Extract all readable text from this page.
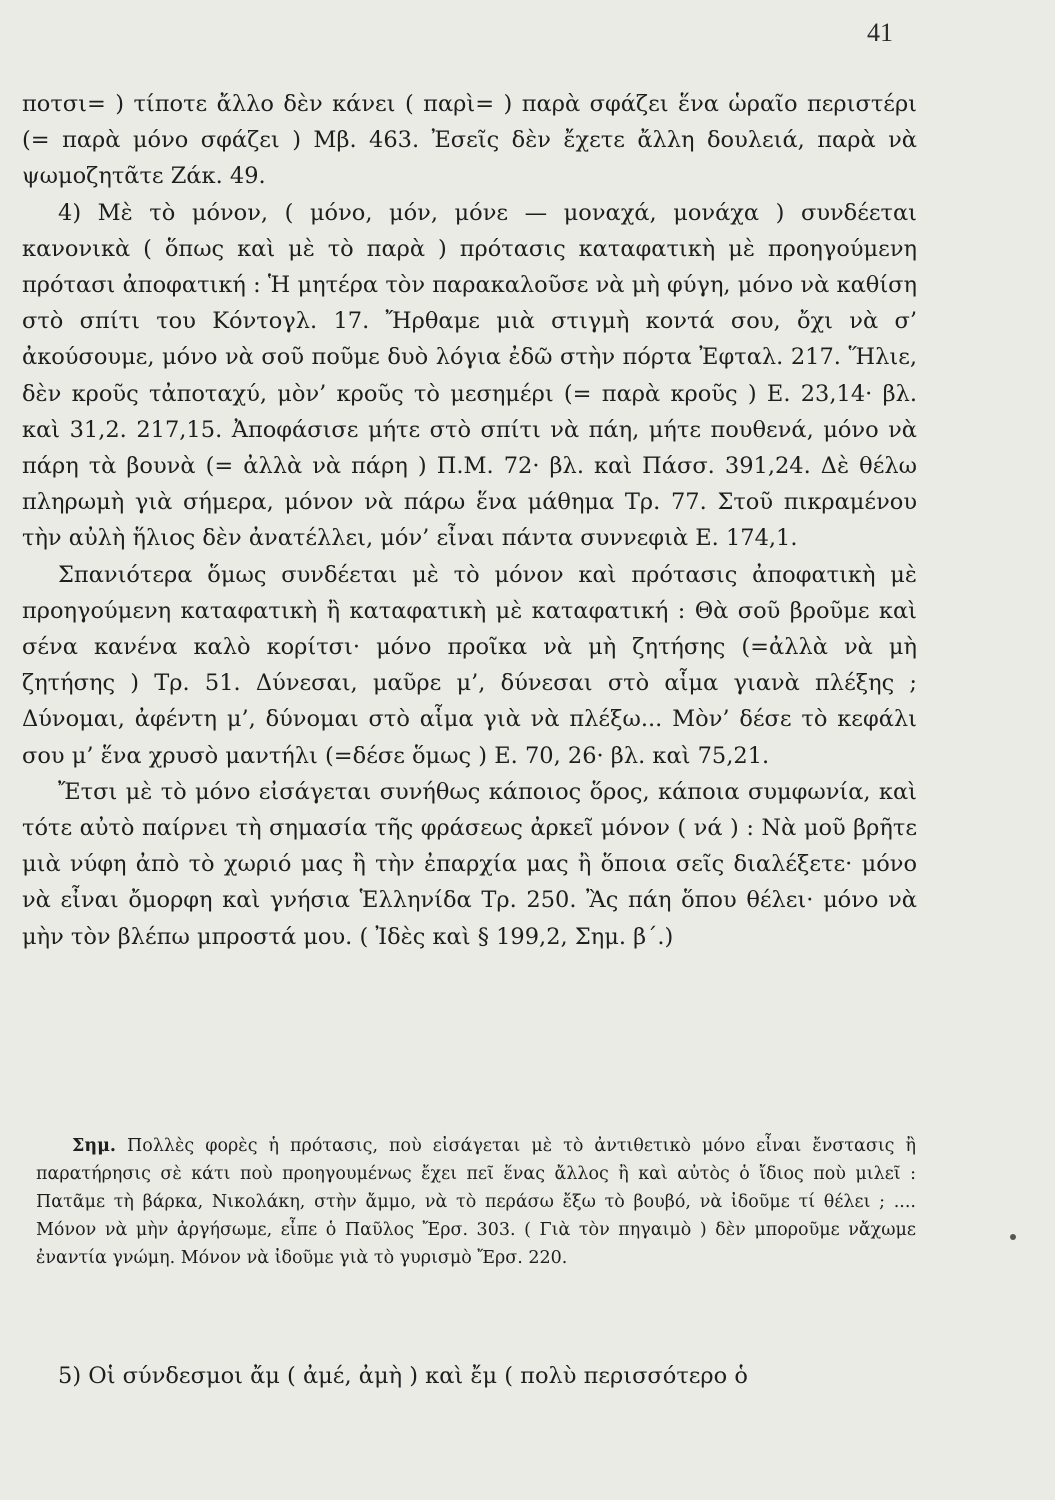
41

ποτσι= ) τίποτε ἄλλο δὲν κάνει ( παρὶ= ) παρὰ σφάζει ἕνα ὡραῖο περιστέρι (= παρὰ μόνο σφάζει ) Μβ. 463. Ἐσεῖς δὲν ἔχετε ἄλλη δουλειά, παρὰ νὰ ψωμοζητᾶτε Ζάκ. 49.

4) Μὲ τὸ μόνον, ( μόνο, μόν, μόνε — μοναχά, μονάχα ) συνδέεται κανονικὰ ( ὅπως καὶ μὲ τὸ παρὰ ) πρότασις καταφατικὴ μὲ προηγούμενη πρότασι ἀποφατική : Ἡ μητέρα τὸν παρακαλοῦσε νὰ μὴ φύγη, μόνο νὰ καθίση στὸ σπίτι του Κόντογλ. 17. Ἤρθαμε μιὰ στιγμὴ κοντά σου, ὄχι νὰ σ’ ἀκούσουμε, μόνο νὰ σοῦ ποῦμε δυὸ λόγια ἐδῶ στὴν πόρτα Ἐφταλ. 217. Ἥλιε, δὲν κροῦς τἀποταχύ, μὸν’ κροῦς τὸ μεσημέρι (= παρὰ κροῦς ) Ε. 23,14· βλ. καὶ 31,2. 217,15. Ἀποφάσισε μήτε στὸ σπίτι νὰ πάη, μήτε πουθενά, μόνο νὰ πάρη τὰ βουνὰ (= ἀλλὰ νὰ πάρη ) Π.Μ. 72· βλ. καὶ Πάσσ. 391,24. Δὲ θέλω πληρωμὴ γιὰ σήμερα, μόνον νὰ πάρω ἕνα μάθημα Τρ. 77. Στοῦ πικραμένου τὴν αὐλὴ ἥλιος δὲν ἀνατέλλει, μόν’ εἶναι πάντα συννεφιὰ Ε. 174,1.

Σπανιότερα ὅμως συνδέεται μὲ τὸ μόνον καὶ πρότασις ἀποφατικὴ μὲ προηγούμενη καταφατικὴ ἢ καταφατικὴ μὲ καταφατική : Θὰ σοῦ βροῦμε καὶ σένα κανένα καλὸ κορίτσι· μόνο προῖκα νὰ μὴ ζητήσης (=ἀλλὰ νὰ μὴ ζητήσης ) Τρ. 51. Δύνεσαι, μαῦρε μ’, δύνεσαι στὸ αἷμα γιανὰ πλέξης ; Δύνομαι, ἀφέντη μ’, δύνομαι στὸ αἷμα γιὰ νὰ πλέξω... Μὸν’ δέσε τὸ κεφάλι σου μ’ ἕνα χρυσὸ μαντήλι (=δέσε ὅμως ) Ε. 70, 26· βλ. καὶ 75,21.

Ἔτσι μὲ τὸ μόνο εἰσάγεται συνήθως κάποιος ὅρος, κάποια συμφωνία, καὶ τότε αὐτὸ παίρνει τὴ σημασία τῆς φράσεως ἀρκεῖ μόνον ( νά ) : Νὰ μοῦ βρῆτε μιὰ νύφη ἀπὸ τὸ χωριό μας ἢ τὴν ἐπαρχία μας ἢ ὅποια σεῖς διαλέξετε· μόνο νὰ εἶναι ὄμορφη καὶ γνήσια Ἑλληνίδα Τρ. 250. Ἂς πάη ὅπου θέλει· μόνο νὰ μὴν τὸν βλέπω μπροστά μου. ( Ἰδὲς καὶ § 199,2, Σημ. β΄.)

Σημ. Πολλὲς φορὲς ἡ πρότασις, ποὺ εἰσάγεται μὲ τὸ ἀντιθετικὸ μόνο εἶναι ἔνστασις ἢ παρατήρησις σὲ κάτι ποὺ προηγουμένως ἔχει πεῖ ἕνας ἄλλος ἢ καὶ αὐτὸς ὁ ἴδιος ποὺ μιλεῖ : Πατᾶμε τὴ βάρκα, Νικολάκη, στὴν ἄμμο, νὰ τὸ περάσω ἔξω τὸ βουβό, νὰ ἰδοῦμε τί θέλει ; .... Μόνον νὰ μὴν ἀργήσωμε, εἶπε ὁ Παῦλος Ἔρσ. 303. ( Γιὰ τὸν πηγαιμὸ ) δὲν μποροῦμε νἄχωμε ἐναντία γνώμη. Μόνον νὰ ἰδοῦμε γιὰ τὸ γυρισμὸ Ἔρσ. 220.

5) Οἱ σύνδεσμοι ἄμ ( ἀμέ, ἀμὴ ) καὶ ἔμ ( πολὺ περισσότερο ὁ
